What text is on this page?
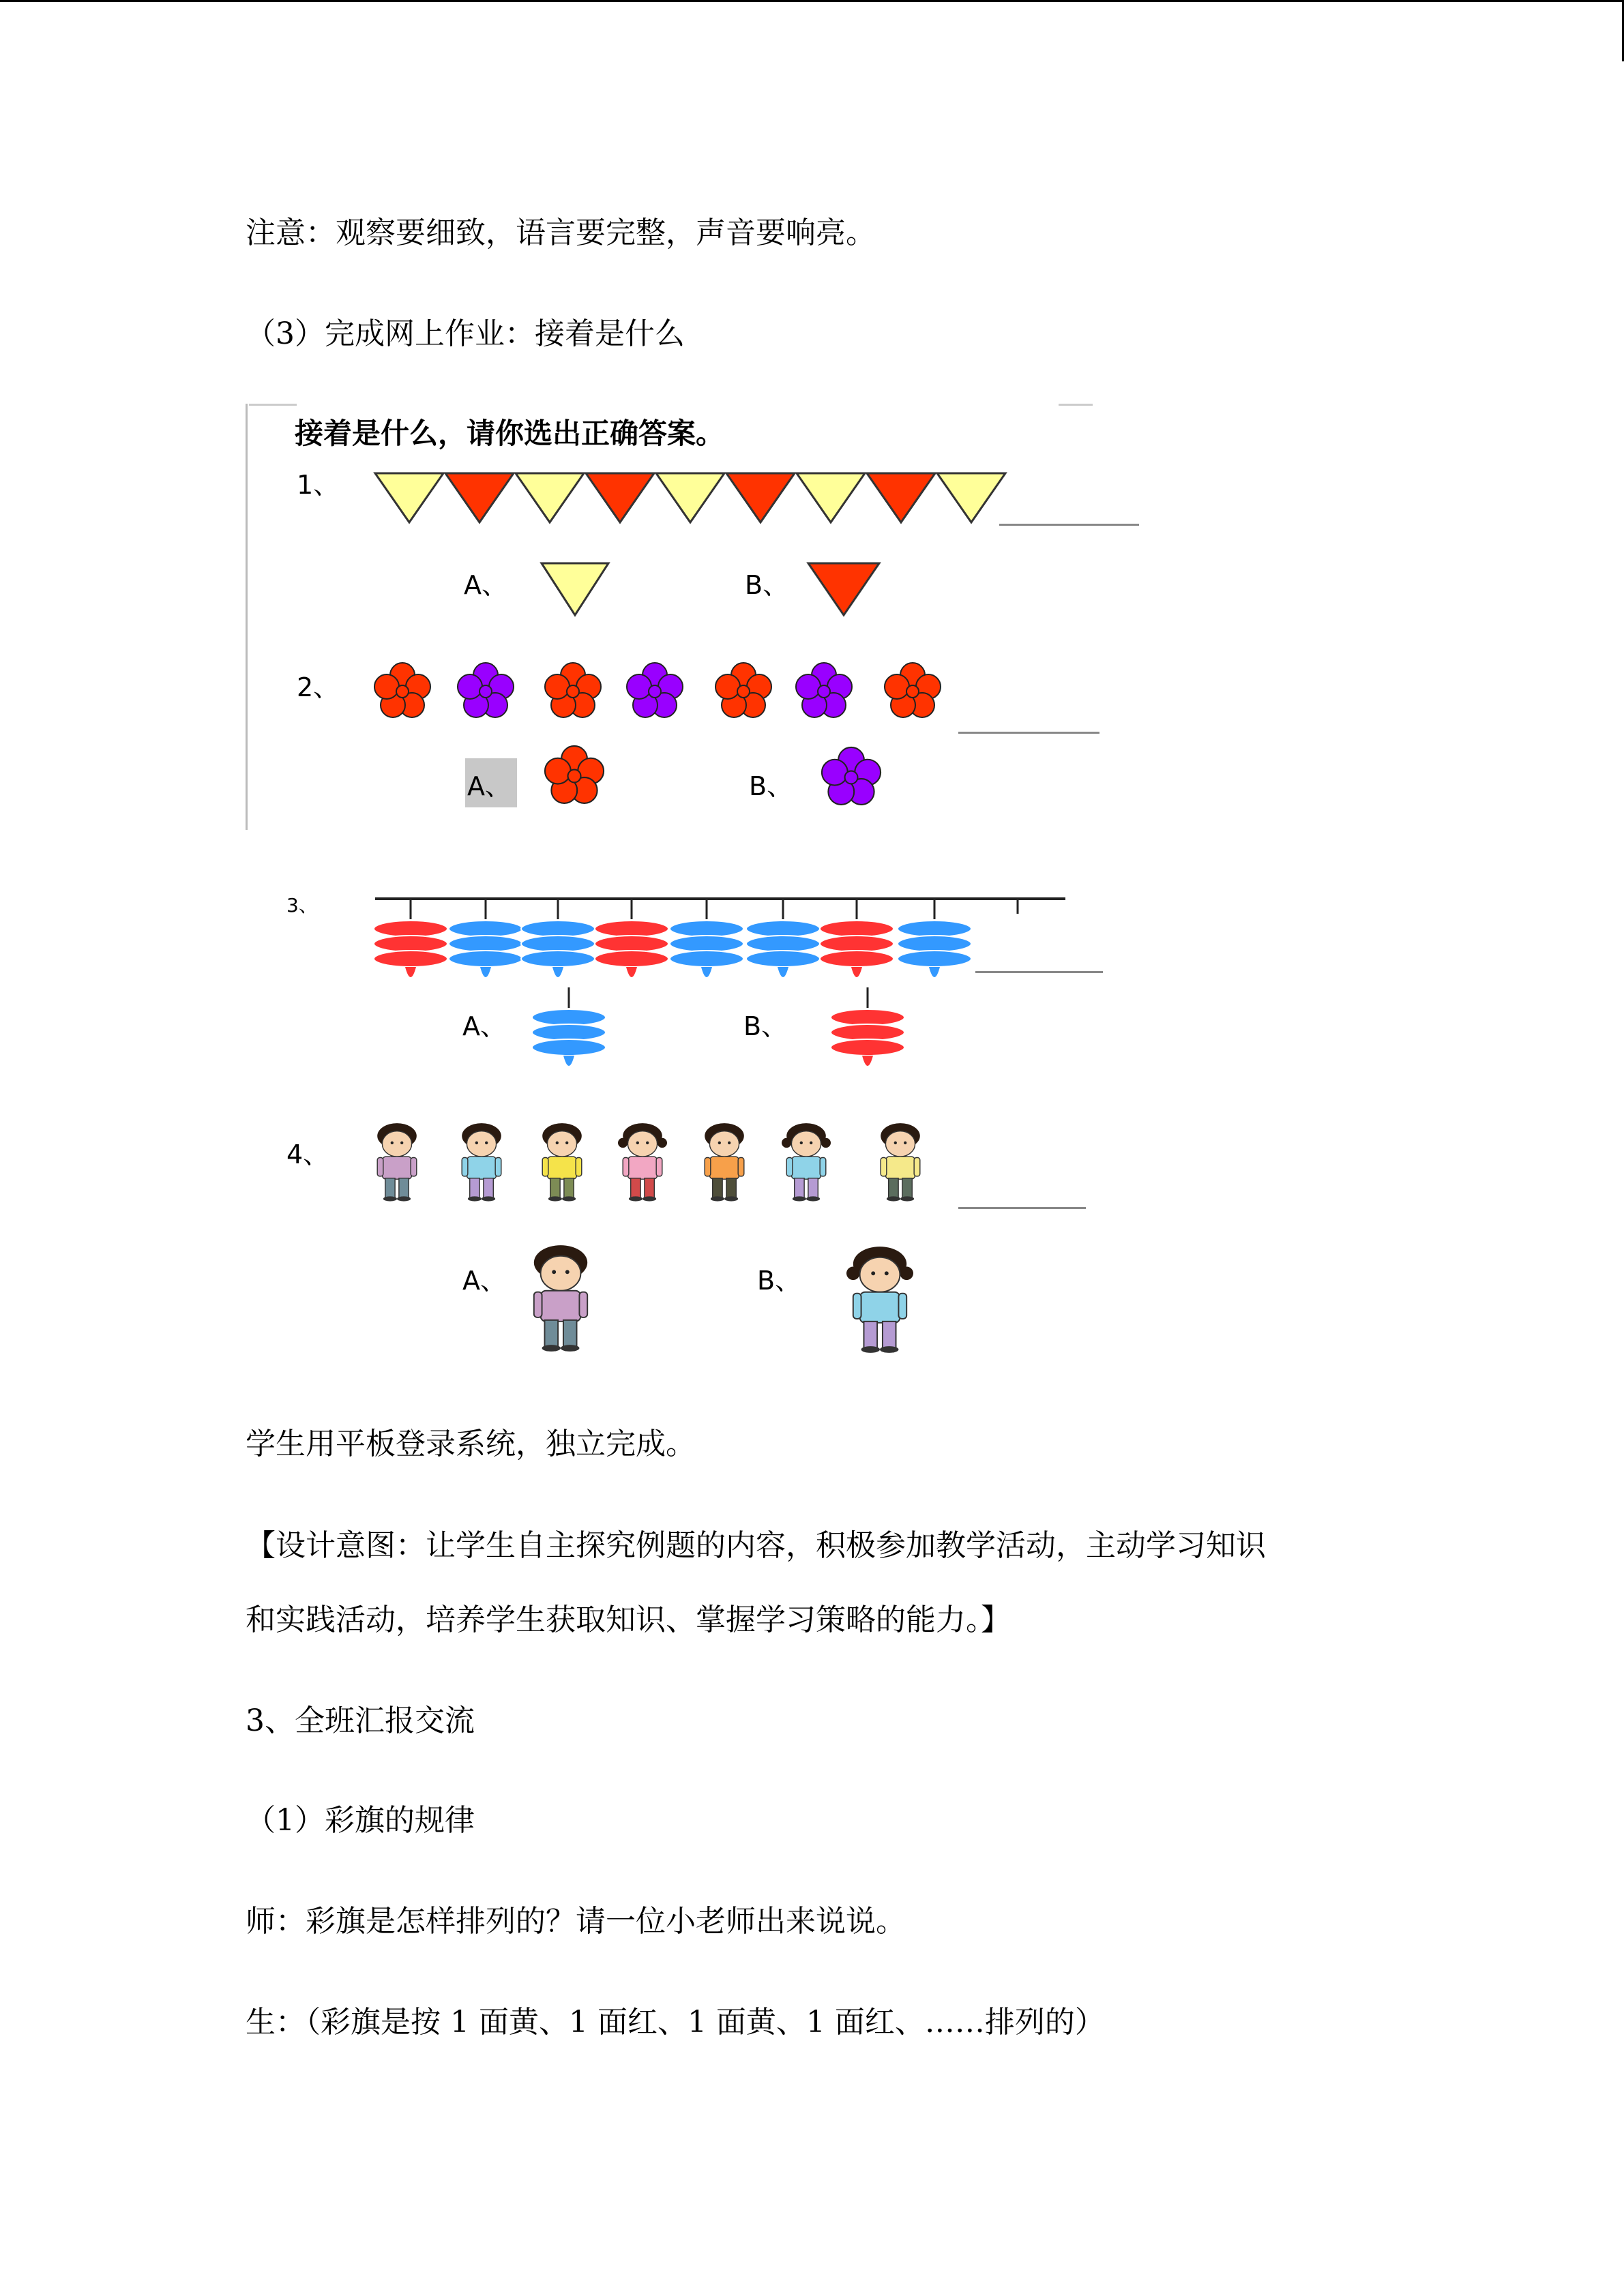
注意：观察要细致，语言要完整，声音要响亮。
（3）完成网上作业：接着是什么
接着是什么，请你选出正确答案。
1、
A、	B、
2、
A、	B、
3、
A、	B、
4、
A、	B、
学生用平板登录系统，独立完成。
【设计意图：让学生自主探究例题的内容，积极参加教学活动，主动学习知识
和实践活动，培养学生获取知识、掌握学习策略的能力。】
3、全班汇报交流
（1）彩旗的规律
师：彩旗是怎样排列的？请一位小老师出来说说。
生：（彩旗是按 1 面黄、1 面红、1 面黄、1 面红、……排列的）
